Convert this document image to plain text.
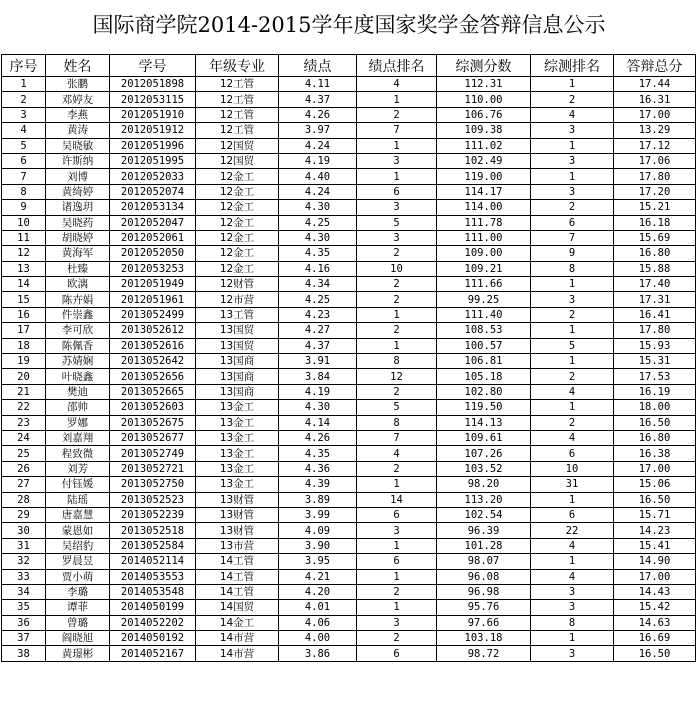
国际商学院2014-2015学年度国家奖学金答辩信息公示
序号	姓名	学号	年级专业	绩点	绩点排名	综测分数	综测排名	答辩总分
1	张鹏	2012051898	12工管	4.11	4	112.31	1	17.44
2	邓婷友	2012053115	12工管	4.37	1	110.00	2	16.31
3	李燕	2012051910	12工管	4.26	2	106.76	4	17.00
4	黄涛	2012051912	12工管	3.97	7	109.38	3	13.29
5	吴晓敏	2012051996	12国贸	4.24	1	111.02	1	17.12
6	许斯纳	2012051995	12国贸	4.19	3	102.49	3	17.06
7	刘博	2012052033	12金工	4.40	1	119.00	1	17.80
8	黄绮婷	2012052074	12金工	4.24	6	114.17	3	17.20
9	诸逸玥	2012053134	12金工	4.30	3	114.00	2	15.21
10	吴晓药	2012052047	12金工	4.25	5	111.78	6	16.18
11	胡晓婷	2012052061	12金工	4.30	3	111.00	7	15.69
12	黄海军	2012052050	12金工	4.35	2	109.00	9	16.80
13	杜臻	2012053253	12金工	4.16	10	109.21	8	15.88
14	欧漓	2012051949	12财管	4.34	2	111.66	1	17.40
15	陈卉娟	2012051961	12市营	4.25	2	99.25	3	17.31
16	件崇鑫	2013052499	13工管	4.23	1	111.40	2	16.41
17	李可欣	2013052612	13国贸	4.27	2	108.53	1	17.80
18	陈佩香	2013052616	13国贸	4.37	1	100.57	5	15.93
19	苏婧娴	2013052642	13国商	3.91	8	106.81	1	15.31
20	叶晓鑫	2013052656	13国商	3.84	12	105.18	2	17.53
21	樊迪	2013052665	13国商	4.19	2	102.80	4	16.19
22	邵帅	2013052603	13金工	4.30	5	119.50	1	18.00
23	罗娜	2013052675	13金工	4.14	8	114.13	2	16.50
24	刘嘉翔	2013052677	13金工	4.26	7	109.61	4	16.80
25	程致微	2013052749	13金工	4.35	4	107.26	6	16.38
26	刘芳	2013052721	13金工	4.36	2	103.52	10	17.00
27	付钰媛	2013052750	13金工	4.39	1	98.20	31	15.06
28	陆瑶	2013052523	13财管	3.89	14	113.20	1	16.50
29	唐嘉慧	2013052239	13财管	3.99	6	102.54	6	15.71
30	蒙恩如	2013052518	13财管	4.09	3	96.39	22	14.23
31	吴绍豹	2013052584	13市营	3.90	1	101.28	4	15.41
32	罗晨昱	2014052114	14工管	3.95	6	98.07	1	14.90
33	贾小萌	2014053553	14工管	4.21	1	96.08	4	17.00
34	李璐	2014053548	14工管	4.20	2	96.98	3	14.43
35	谭菲	2014050199	14国贸	4.01	1	95.76	3	15.42
36	曾璐	2014052202	14金工	4.06	3	97.66	8	14.63
37	阎晓旭	2014050192	14市营	4.00	2	103.18	1	16.69
38	黄璟彬	2014052167	14市营	3.86	6	98.72	3	16.50
